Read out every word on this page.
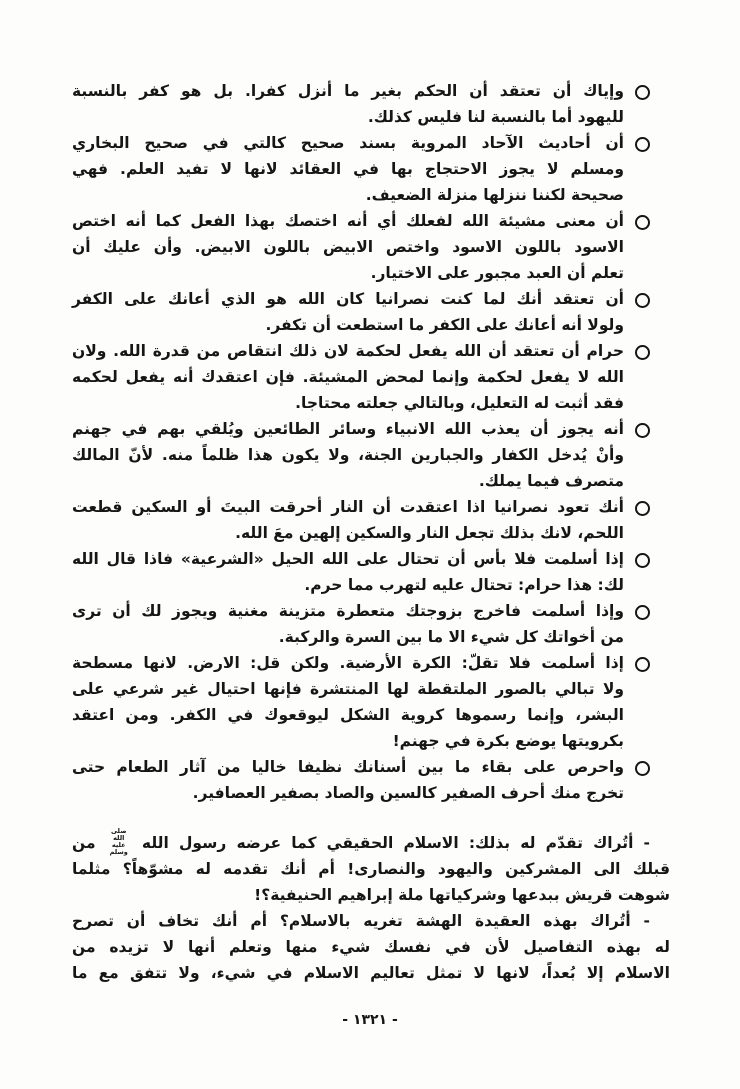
وإياك أن تعتقد أن الحكم بغير ما أنزل كفرا. بل هو كفر بالنسبة
لليهود أما بالنسبة لنا فليس كذلك.
أن أحاديث الآحاد المروية بسند صحيح كالتي في صحيح البخاري
ومسلم لا يجوز الاحتجاج بها في العقائد لانها لا تفيد العلم. فهي
صحيحة لكننا ننزلها منزلة الضعيف.
أن معنى مشيئة الله لفعلك أي أنه اختصك بهذا الفعل كما أنه اختص
الاسود باللون الاسود واختص الابيض باللون الابيض. وأن عليك أن
تعلم أن العبد مجبور على الاختيار.
أن تعتقد أنك لما كنت نصرانيا كان الله هو الذي أعانك على الكفر
ولولا أنه أعانك على الكفر ما استطعت أن تكفر.
حرام أن تعتقد أن الله يفعل لحكمة لان ذلك انتقاص من قدرة الله. ولان
الله لا يفعل لحكمة وإنما لمحض المشيئة. فإن اعتقدك أنه يفعل لحكمه
فقد أثبت له التعليل، وبالتالي جعلته محتاجا.
أنه يجوز أن يعذب الله الانبياء وسائر الطائعين ويُلقي بهم في جهنم
وأنْ يُدخل الكفار والجبارين الجنة، ولا يكون هذا ظلماً منه. لأنّ المالك
متصرف فيما يملك.
أنك تعود نصرانيا اذا اعتقدت أن النار أحرقت البيتَ أو السكين قطعت
اللحم، لانك بذلك تجعل النار والسكين إلهين معَ الله.
إذا أسلمت فلا بأس أن تحتال على الله الحيل «الشرعية» فاذا قال الله
لك: هذا حرام: تحتال عليه لتهرب مما حرم.
وإذا أسلمت فاخرج بزوجتك متعطرة متزينة مغنية ويجوز لك أن ترى
من أخواتك كل شيء الا ما بين السرة والركبة.
إذا أسلمت فلا تقلّ: الكرة الأرضية. ولكن قل: الارض. لانها مسطحة
ولا تبالي بالصور الملتقطة لها المنتشرة فإنها احتيال غير شرعي على
البشر، وإنما رسموها كروية الشكل ليوقعوك في الكفر. ومن اعتقد
بكرويتها يوضع بكرة في جهنم!
واحرص على بقاء ما بين أسنانك نظيفا خاليا من آثار الطعام حتى
تخرج منك أحرف الصفير كالسين والصاد بصفير العصافير.
- أتُراك تقدّم له بذلك: الاسلام الحقيقي كما عرضه رسول الله صلى الله عليه وسلم من
قبلك الى المشركين واليهود والنصارى! أم أنك تقدمه له مشوّهاً؟ مثلما
شوهت قريش ببدعها وشركياتها ملة إبراهيم الحنيفية؟!
- أتُراك بهذه العقيدة الهشة تغريه بالاسلام؟ أم أنك تخاف أن تصرح
له بهذه التفاصيل لأن في نفسك شيء منها وتعلم أنها لا تزيده من
الاسلام إلا بُعداً، لانها لا تمثل تعاليم الاسلام في شيء، ولا تتفق مع ما
- ١٣٢١ -
